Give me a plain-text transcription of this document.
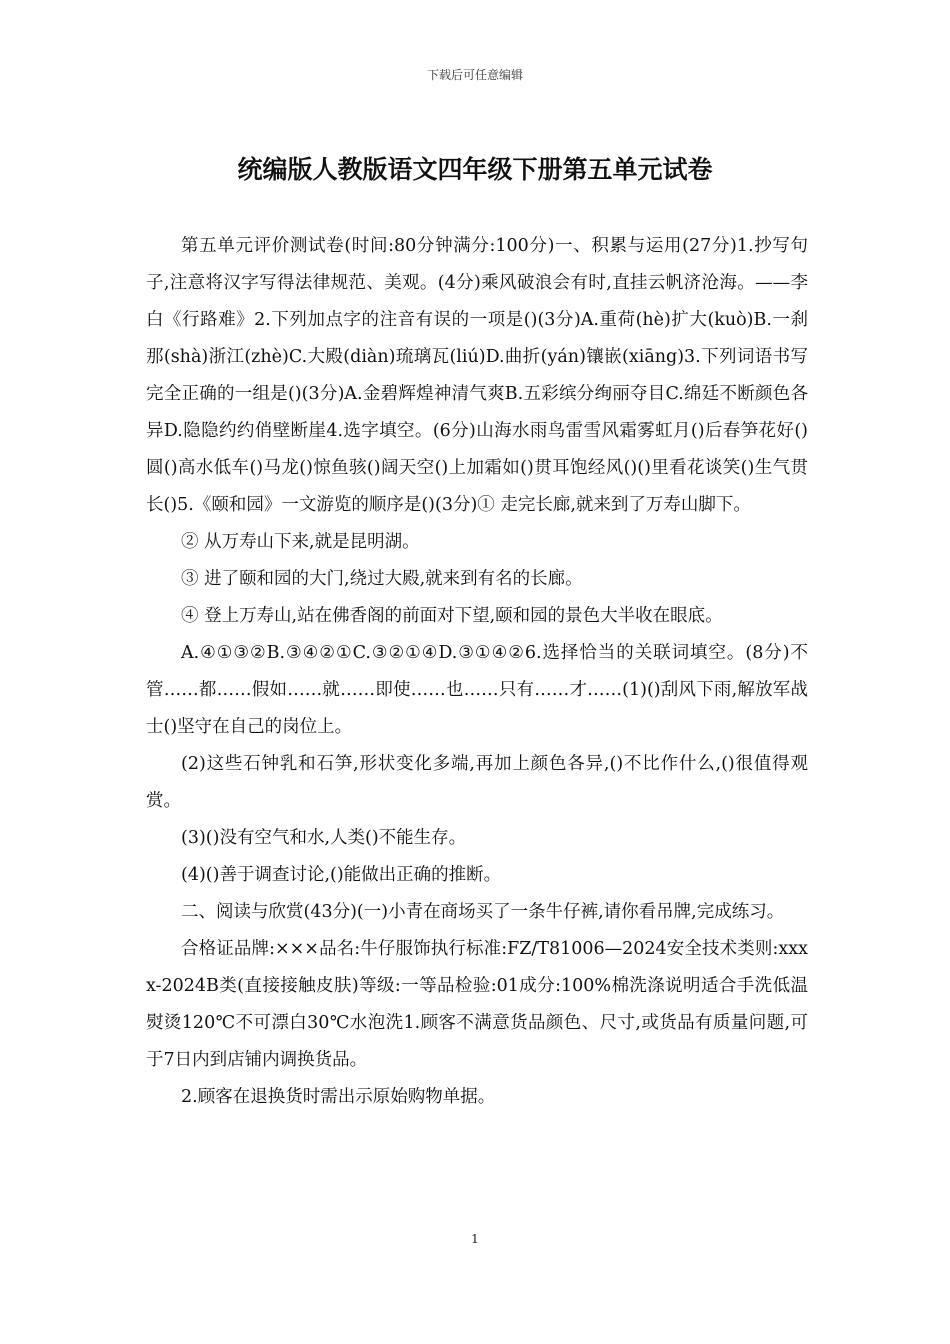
下载后可任意编辑
统编版人教版语文四年级下册第五单元试卷

第五单元评价测试卷(时间:80分钟满分:100分)一、积累与运用(27分)1.抄写句子,注意将汉字写得法律规范、美观。(4分)乘风破浪会有时,直挂云帆济沧海。——李白《行路难》2.下列加点字的注音有误的一项是()(3分)A.重荷(hè)扩大(kuò)B.一刹那(shà)浙江(zhè)C.大殿(diàn)琉璃瓦(liú)D.曲折(yán)镶嵌(xiāng)3.下列词语书写完全正确的一组是()(3分)A.金碧辉煌神清气爽B.五彩缤分绚丽夺目C.绵廷不断颜色各异D.隐隐约约俏壁断崖4.选字填空。(6分)山海水雨鸟雷雪风霜雾虹月()后春笋花好()圆()高水低车()马龙()惊鱼骇()阔天空()上加霜如()贯耳饱经风()()里看花谈笑()生气贯长()5.《颐和园》一文游览的顺序是()(3分)① 走完长廊,就来到了万寿山脚下。

② 从万寿山下来,就是昆明湖。

③ 进了颐和园的大门,绕过大殿,就来到有名的长廊。

④ 登上万寿山,站在佛香阁的前面对下望,颐和园的景色大半收在眼底。

A.④①③②B.③④②①C.③②①④D.③①④②6.选择恰当的关联词填空。(8分)不管……都……假如……就……即使……也……只有……才……(1)()刮风下雨,解放军战士()坚守在自己的岗位上。

(2)这些石钟乳和石笋,形状变化多端,再加上颜色各异,()不比作什么,()很值得观赏。

(3)()没有空气和水,人类()不能生存。

(4)()善于调查讨论,()能做出正确的推断。

二、阅读与欣赏(43分)(一)小青在商场买了一条牛仔裤,请你看吊牌,完成练习。

合格证品牌:×××品名:牛仔服饰执行标准:FZ/T81006—2024安全技术类则:xxxx-2024B类(直接接触皮肤)等级:一等品检验:01成分:100%棉洗涤说明适合手洗低温熨烫120℃不可漂白30℃水泡洗1.顾客不满意货品颜色、尺寸,或货品有质量问题,可于7日内到店铺内调换货品。

2.顾客在退换货时需出示原始购物单据。

1
